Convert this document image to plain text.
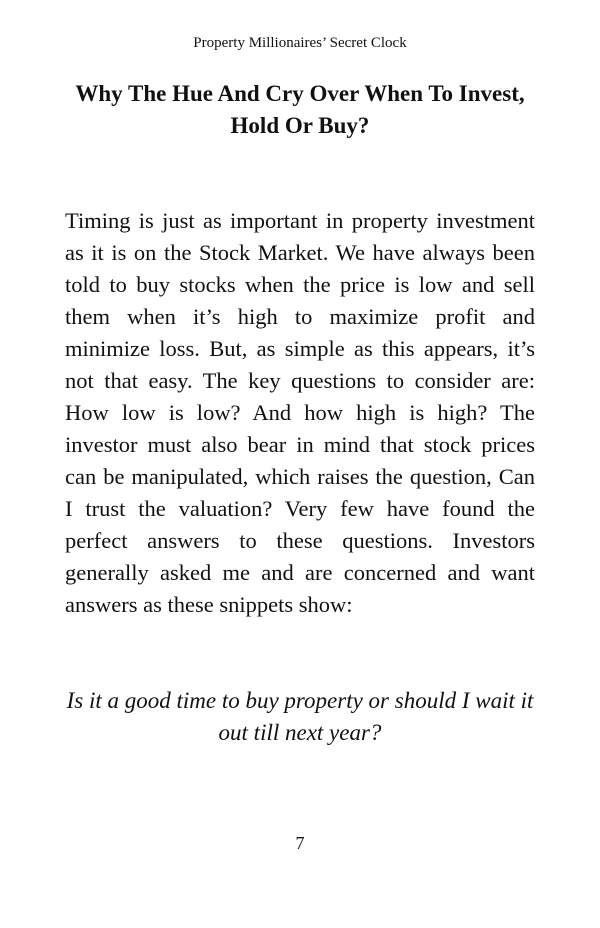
Property Millionaires’ Secret Clock
Why The Hue And Cry Over When To Invest, Hold Or Buy?

Timing is just as important in property investment as it is on the Stock Market. We have always been told to buy stocks when the price is low and sell them when it’s high to maximize profit and minimize loss. But, as simple as this appears, it’s not that easy. The key questions to consider are: How low is low? And how high is high? The investor must also bear in mind that stock prices can be manipulated, which raises the question, Can I trust the valuation? Very few have found the perfect answers to these questions. Investors generally asked me and are concerned and want answers as these snippets show:

Is it a good time to buy property or should I wait it out till next year?

7
